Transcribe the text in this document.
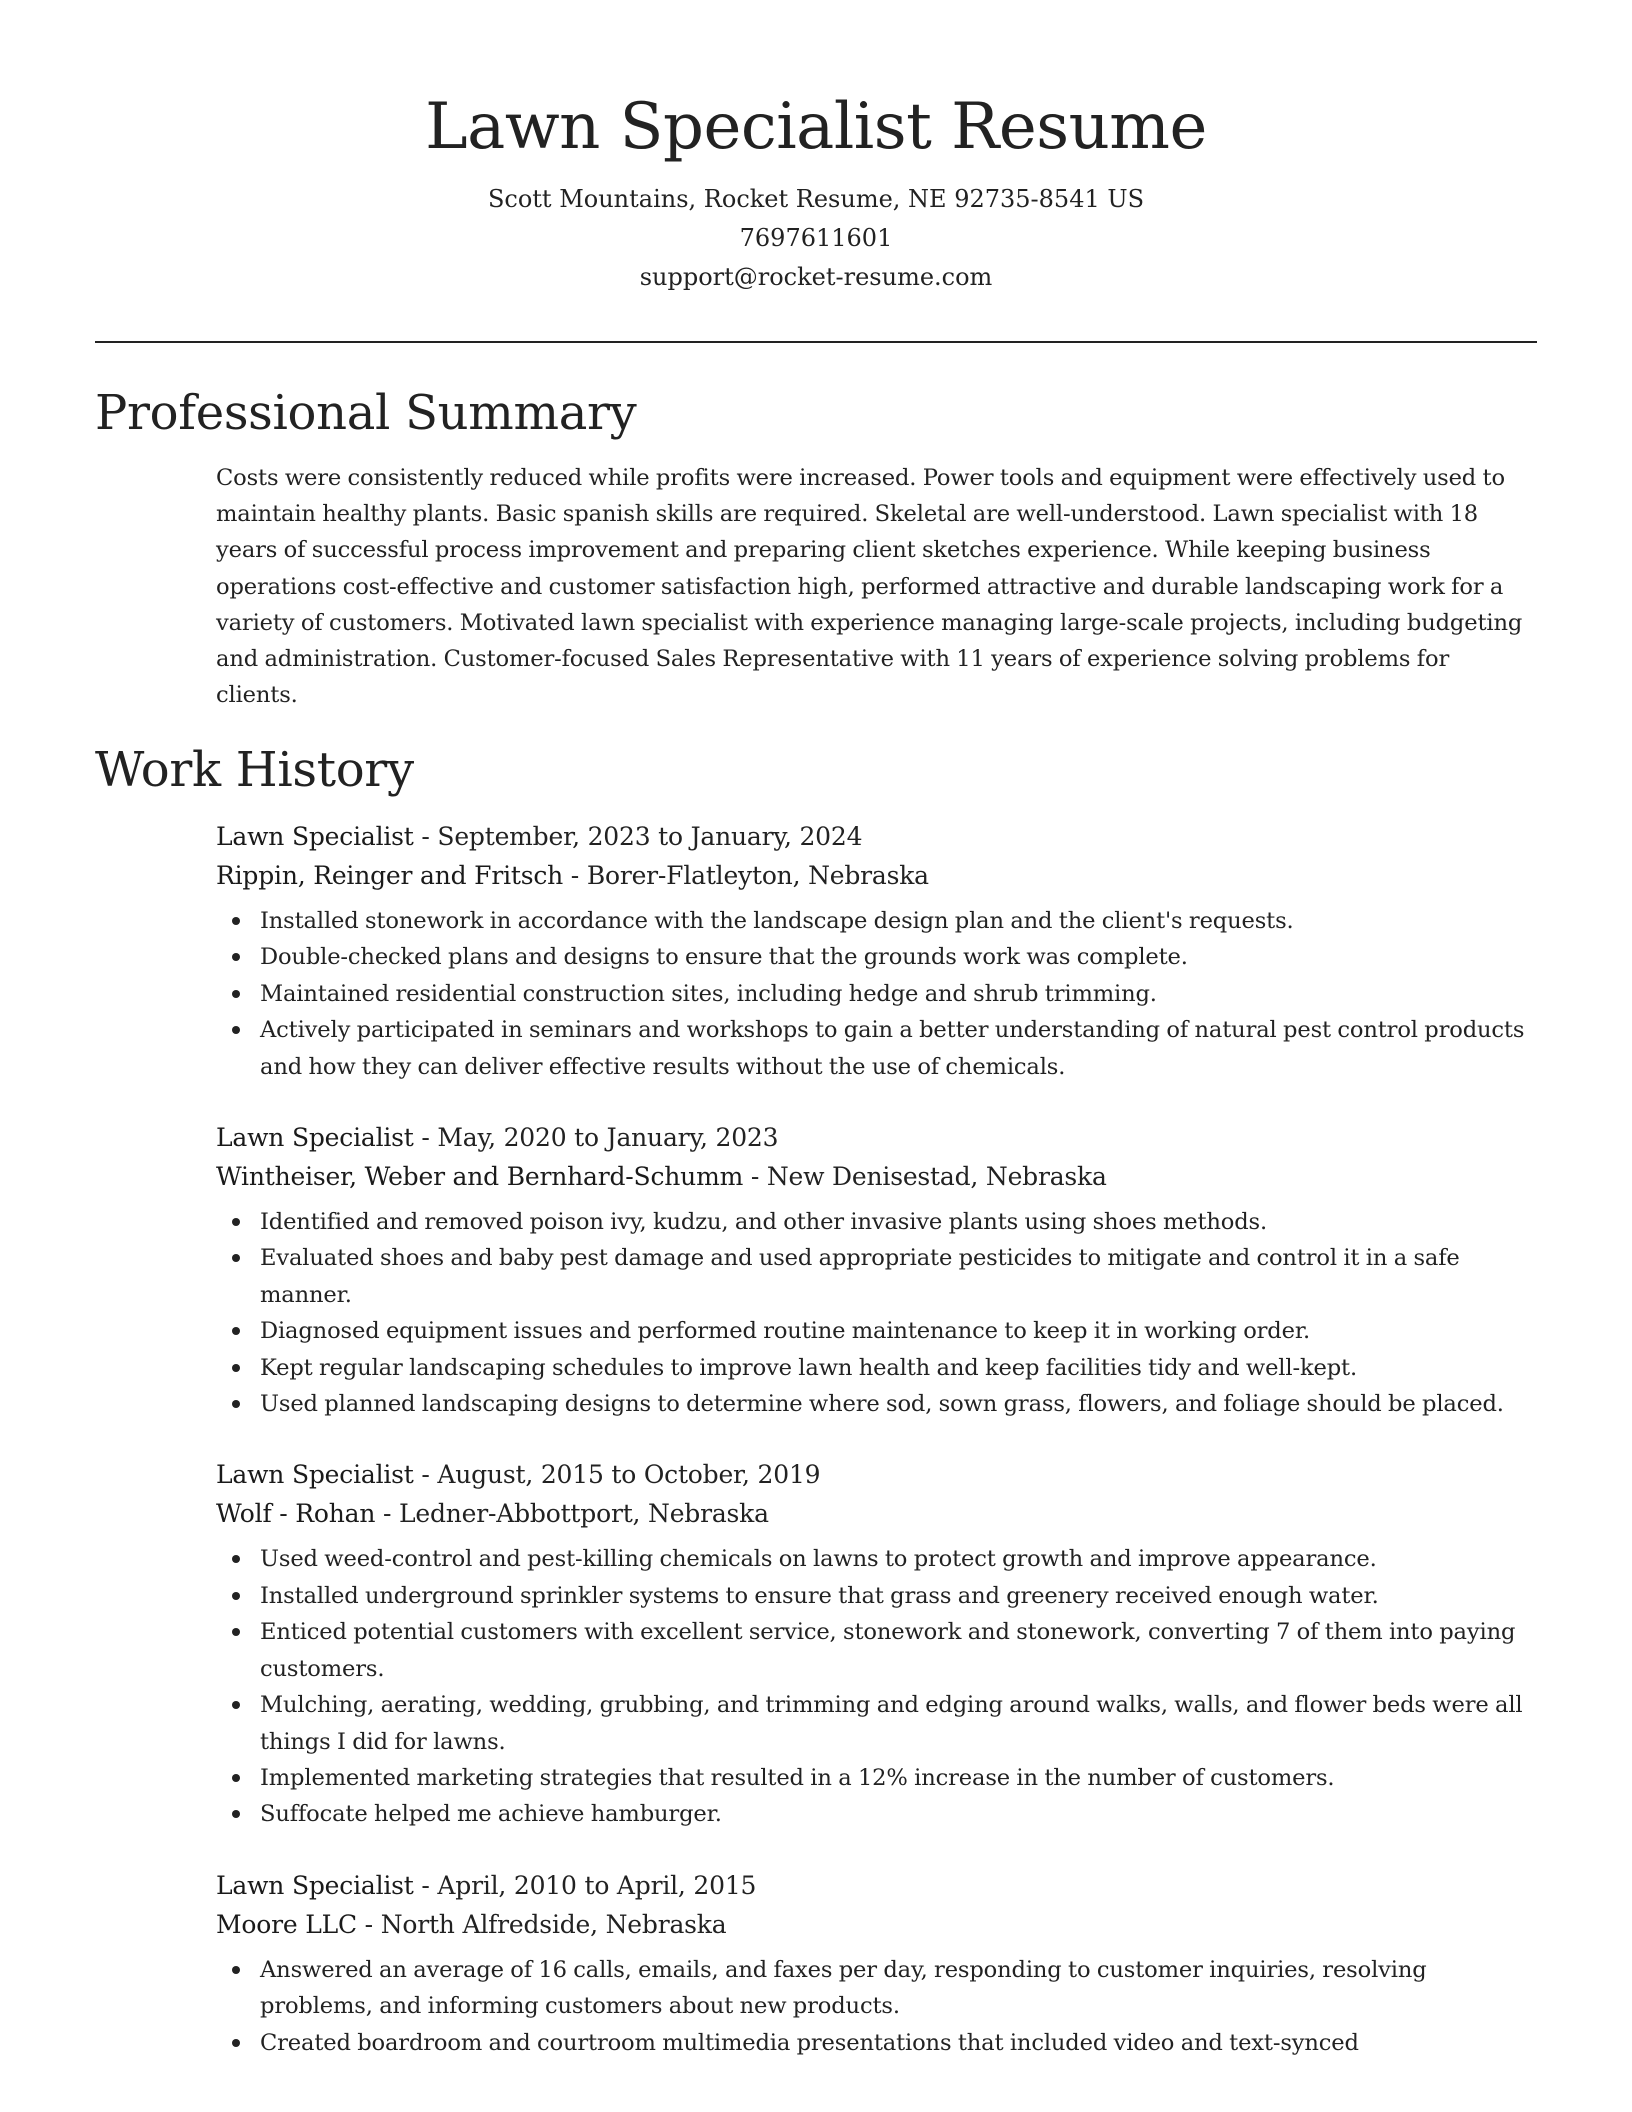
Lawn Specialist Resume

Scott Mountains, Rocket Resume, NE 92735-8541 US

7697611601

support@rocket-resume.com

Professional Summary

Costs were consistently reduced while profits were increased. Power tools and equipment were effectively used to maintain healthy plants. Basic spanish skills are required. Skeletal are well-understood. Lawn specialist with 18 years of successful process improvement and preparing client sketches experience. While keeping business operations cost-effective and customer satisfaction high, performed attractive and durable landscaping work for a variety of customers. Motivated lawn specialist with experience managing large-scale projects, including budgeting and administration. Customer-focused Sales Representative with 11 years of experience solving problems for clients.

Work History

Lawn Specialist - September, 2023 to January, 2024

Rippin, Reinger and Fritsch - Borer-Flatleyton, Nebraska

Installed stonework in accordance with the landscape design plan and the client's requests.
Double-checked plans and designs to ensure that the grounds work was complete.
Maintained residential construction sites, including hedge and shrub trimming.
Actively participated in seminars and workshops to gain a better understanding of natural pest control products and how they can deliver effective results without the use of chemicals.

Lawn Specialist - May, 2020 to January, 2023

Wintheiser, Weber and Bernhard-Schumm - New Denisestad, Nebraska

Identified and removed poison ivy, kudzu, and other invasive plants using shoes methods.
Evaluated shoes and baby pest damage and used appropriate pesticides to mitigate and control it in a safe manner.
Diagnosed equipment issues and performed routine maintenance to keep it in working order.
Kept regular landscaping schedules to improve lawn health and keep facilities tidy and well-kept.
Used planned landscaping designs to determine where sod, sown grass, flowers, and foliage should be placed.

Lawn Specialist - August, 2015 to October, 2019

Wolf - Rohan - Ledner-Abbottport, Nebraska

Used weed-control and pest-killing chemicals on lawns to protect growth and improve appearance.
Installed underground sprinkler systems to ensure that grass and greenery received enough water.
Enticed potential customers with excellent service, stonework and stonework, converting 7 of them into paying customers.
Mulching, aerating, wedding, grubbing, and trimming and edging around walks, walls, and flower beds were all things I did for lawns.
Implemented marketing strategies that resulted in a 12% increase in the number of customers.
Suffocate helped me achieve hamburger.

Lawn Specialist - April, 2010 to April, 2015

Moore LLC - North Alfredside, Nebraska

Answered an average of 16 calls, emails, and faxes per day, responding to customer inquiries, resolving problems, and informing customers about new products.
Created boardroom and courtroom multimedia presentations that included video and text-synced
